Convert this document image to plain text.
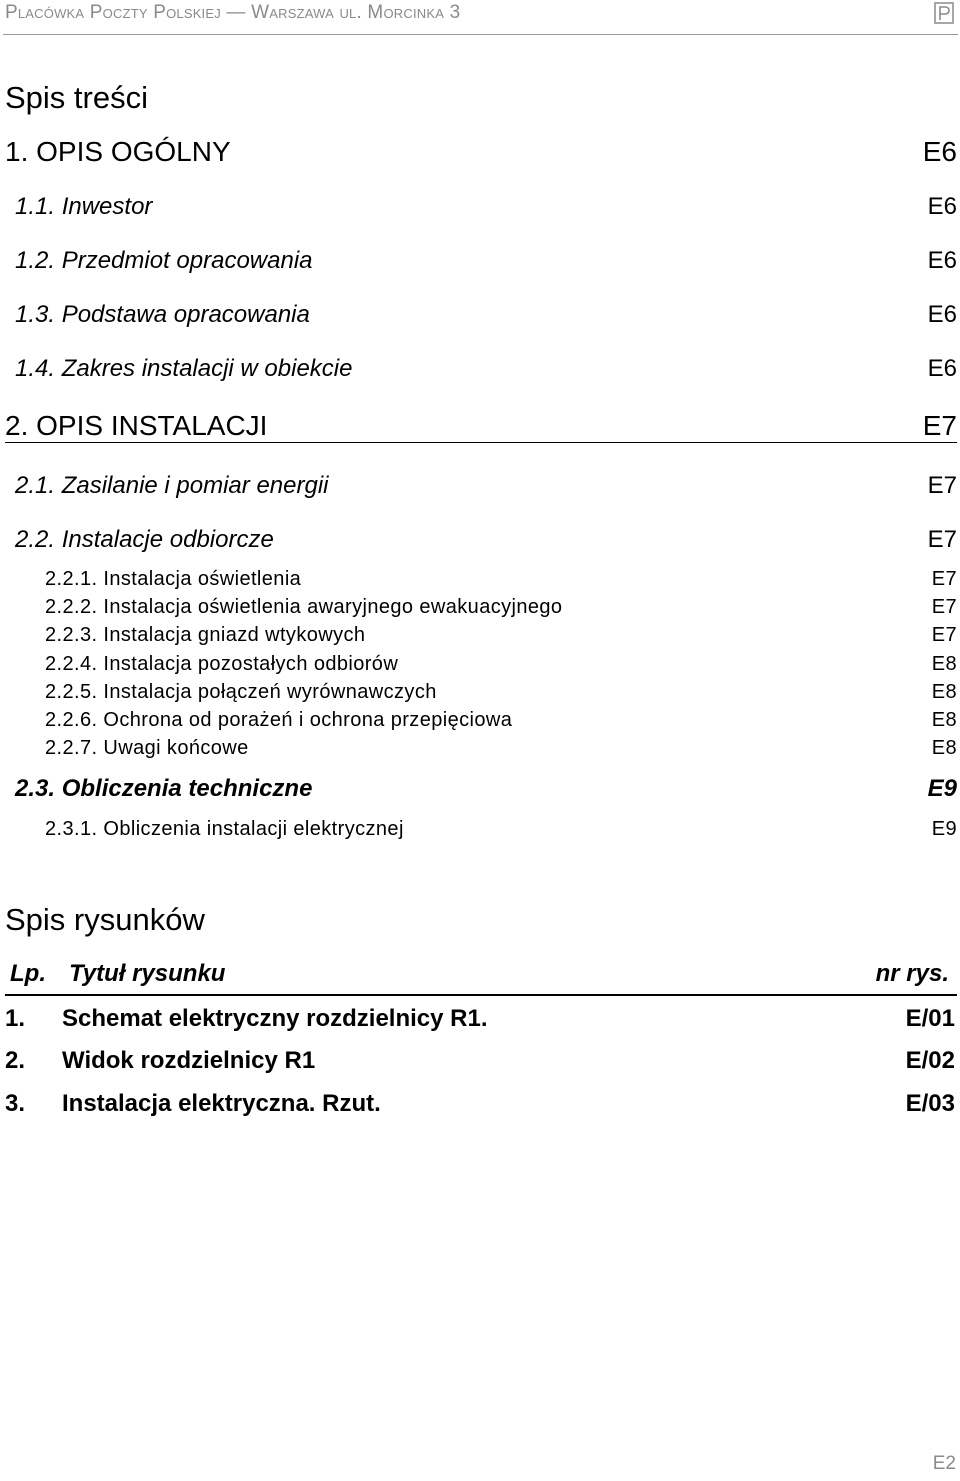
Placówka Poczty Polskiej — Warszawa ul. Morcinka 3
Spis treści
1. OPIS OGÓLNY	E6
1.1. Inwestor	E6
1.2. Przedmiot opracowania	E6
1.3. Podstawa opracowania	E6
1.4. Zakres instalacji w obiekcie	E6
2. OPIS INSTALACJI	E7
2.1. Zasilanie i pomiar energii	E7
2.2. Instalacje odbiorcze	E7
2.2.1. Instalacja oświetlenia	E7
2.2.2. Instalacja oświetlenia awaryjnego ewakuacyjnego	E7
2.2.3. Instalacja gniazd wtykowych	E7
2.2.4. Instalacja pozostałych odbiorów	E8
2.2.5. Instalacja połączeń wyrównawczych	E8
2.2.6. Ochrona od porażeń i ochrona przepięciowa	E8
2.2.7. Uwagi końcowe	E8
2.3. Obliczenia techniczne	E9
2.3.1. Obliczenia instalacji elektrycznej	E9
Spis rysunków
Lp. Tytuł rysunku	nr rys.
1. Schemat elektryczny rozdzielnicy R1.	E/01
2. Widok rozdzielnicy R1	E/02
3. Instalacja elektryczna. Rzut.	E/03
E2
